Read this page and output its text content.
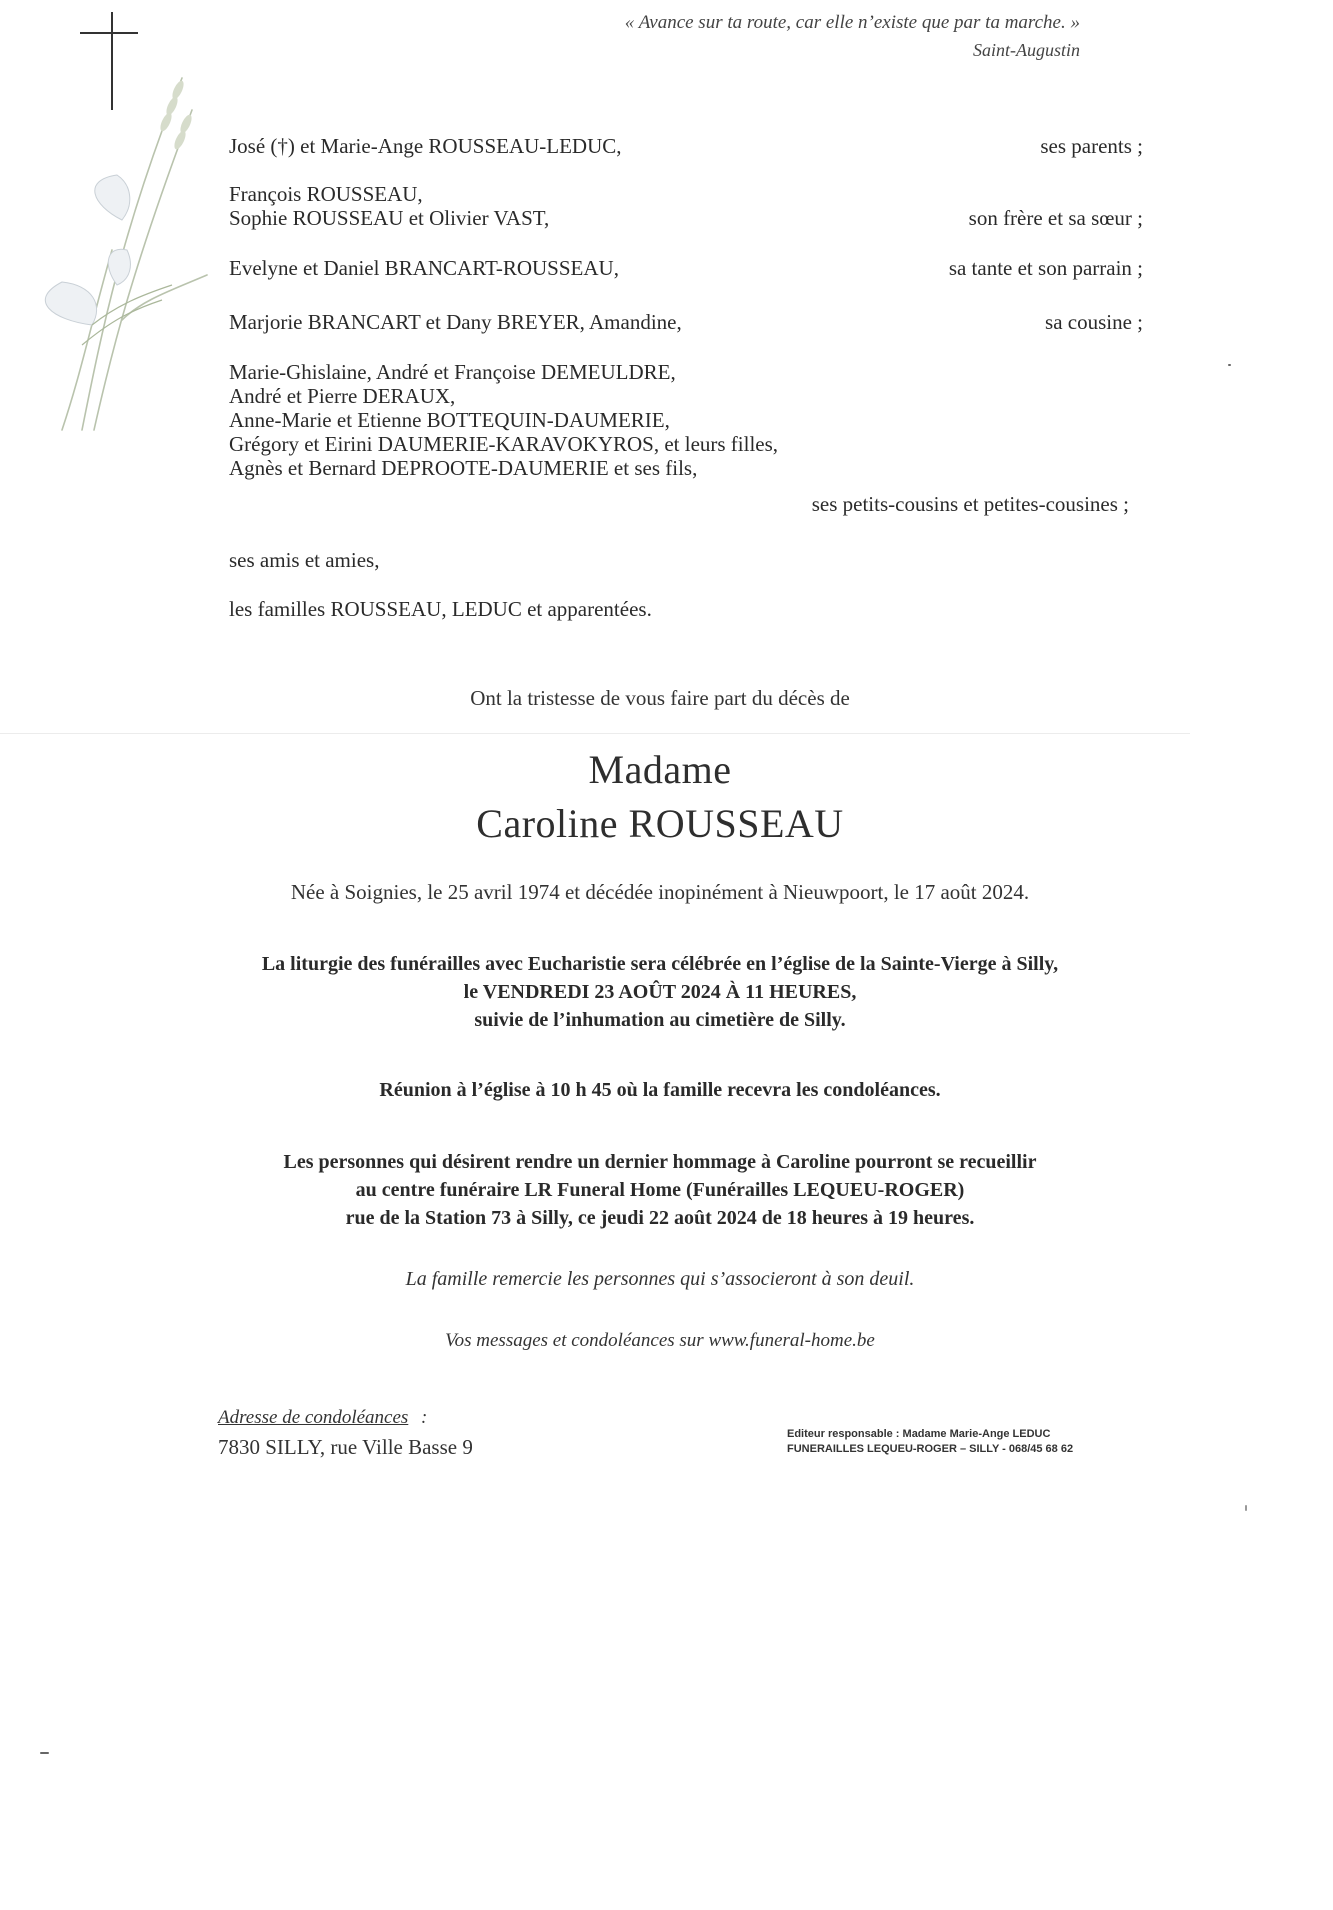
« Avance sur ta route, car elle n’existe que par ta marche. »
Saint-Augustin
José (†) et Marie-Ange ROUSSEAU-LEDUC,	ses parents ;
François ROUSSEAU,
Sophie ROUSSEAU et Olivier VAST,	son frère et sa sœur ;
Evelyne et Daniel BRANCART-ROUSSEAU,	sa tante et son parrain ;
Marjorie BRANCART et Dany BREYER, Amandine,	sa cousine ;
Marie-Ghislaine, André et Françoise DEMEULDRE,
André et Pierre DERAUX,
Anne-Marie et Etienne BOTTEQUIN-DAUMERIE,
Grégory et Eirini DAUMERIE-KARAVOKYROS, et leurs filles,
Agnès et Bernard DEPROOTE-DAUMERIE et ses fils,
ses petits-cousins et petites-cousines ;
ses amis et amies,
les familles ROUSSEAU, LEDUC et apparentées.
Ont la tristesse de vous faire part du décès de
Madame
Caroline ROUSSEAU
Née à Soignies, le 25 avril 1974 et décédée inopinément à Nieuwpoort, le 17 août 2024.
La liturgie des funérailles avec Eucharistie sera célébrée en l’église de la Sainte-Vierge à Silly,
le VENDREDI 23 AOÛT 2024 À 11 HEURES,
suivie de l’inhumation au cimetière de Silly.
Réunion à l’église à 10 h 45 où la famille recevra les condoléances.
Les personnes qui désirent rendre un dernier hommage à Caroline pourront se recueillir
au centre funéraire LR Funeral Home (Funérailles LEQUEU-ROGER)
rue de la Station 73 à Silly, ce jeudi 22 août 2024 de 18 heures à 19 heures.
La famille remercie les personnes qui s’associeront à son deuil.
Vos messages et condoléances sur www.funeral-home.be
Adresse de condoléances :
7830 SILLY, rue Ville Basse 9
Editeur responsable : Madame Marie-Ange LEDUC
FUNERAILLES LEQUEU-ROGER – SILLY - 068/45 68 62
